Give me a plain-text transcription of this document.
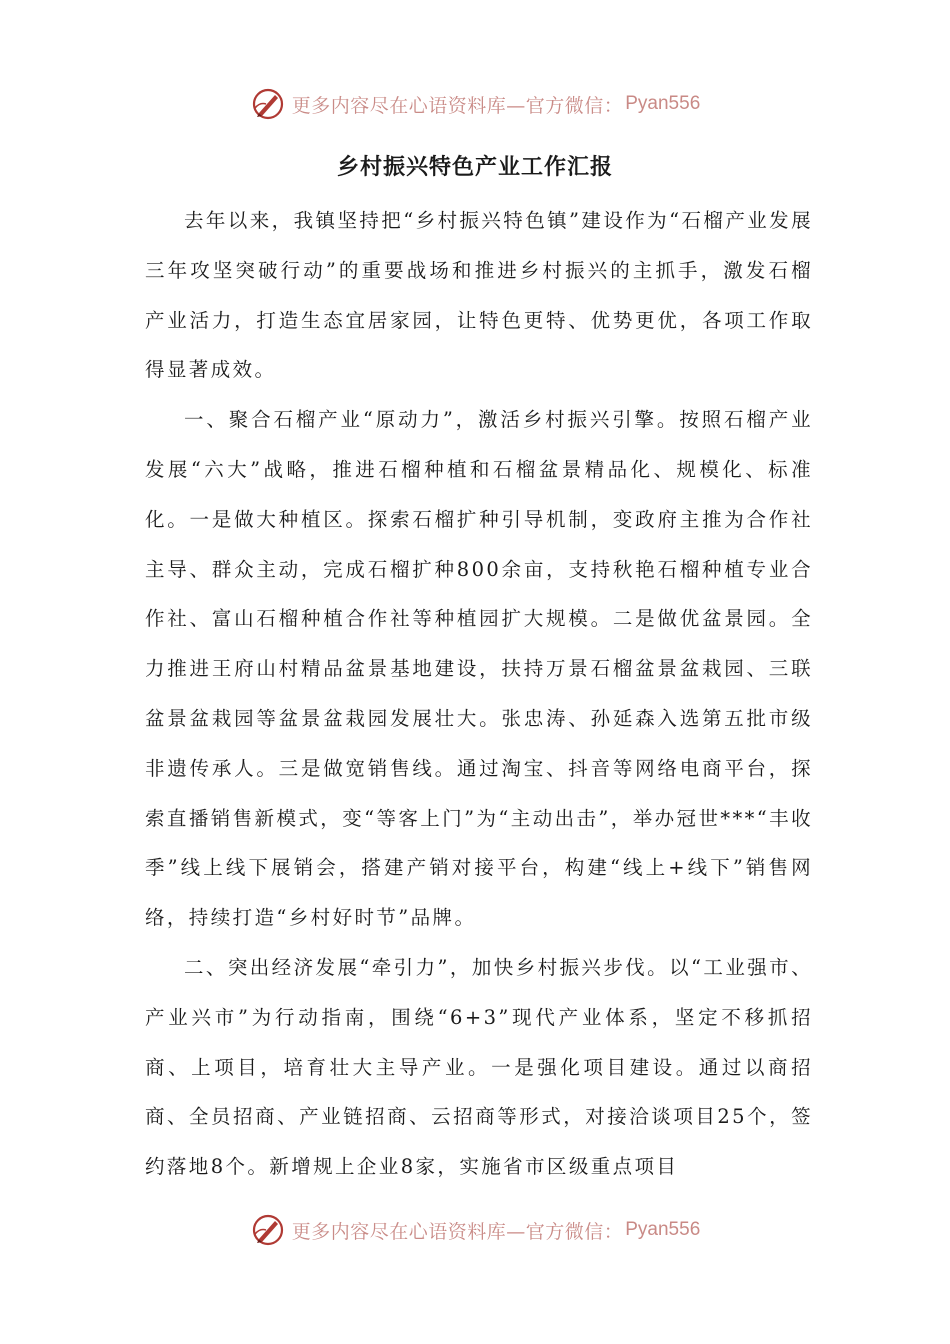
更多内容尽在心语资料库—官方微信： Pyan556
乡村振兴特色产业工作汇报

去年以来，我镇坚持把“乡村振兴特色镇”建设作为“石榴产业发展三年攻坚突破行动”的重要战场和推进乡村振兴的主抓手，激发石榴产业活力，打造生态宜居家园，让特色更特、优势更优，各项工作取得显著成效。

一、聚合石榴产业“原动力”，激活乡村振兴引擎。按照石榴产业发展“六大”战略，推进石榴种植和石榴盆景精品化、规模化、标准化。一是做大种植区。探索石榴扩种引导机制，变政府主推为合作社主导、群众主动，完成石榴扩种800余亩，支持秋艳石榴种植专业合作社、富山石榴种植合作社等种植园扩大规模。二是做优盆景园。全力推进王府山村精品盆景基地建设，扶持万景石榴盆景盆栽园、三联盆景盆栽园等盆景盆栽园发展壮大。张忠涛、孙延森入选第五批市级非遗传承人。三是做宽销售线。通过淘宝、抖音等网络电商平台，探索直播销售新模式，变“等客上门”为“主动出击”，举办冠世***“丰收季”线上线下展销会，搭建产销对接平台，构建“线上+线下”销售网络，持续打造“乡村好时节”品牌。

二、突出经济发展“牵引力”，加快乡村振兴步伐。以“工业强市、产业兴市”为行动指南，围绕“6+3”现代产业体系，坚定不移抓招商、上项目，培育壮大主导产业。一是强化项目建设。通过以商招商、全员招商、产业链招商、云招商等形式，对接洽谈项目25个，签约落地8个。新增规上企业8家，实施省市区级重点项目

更多内容尽在心语资料库—官方微信： Pyan556
